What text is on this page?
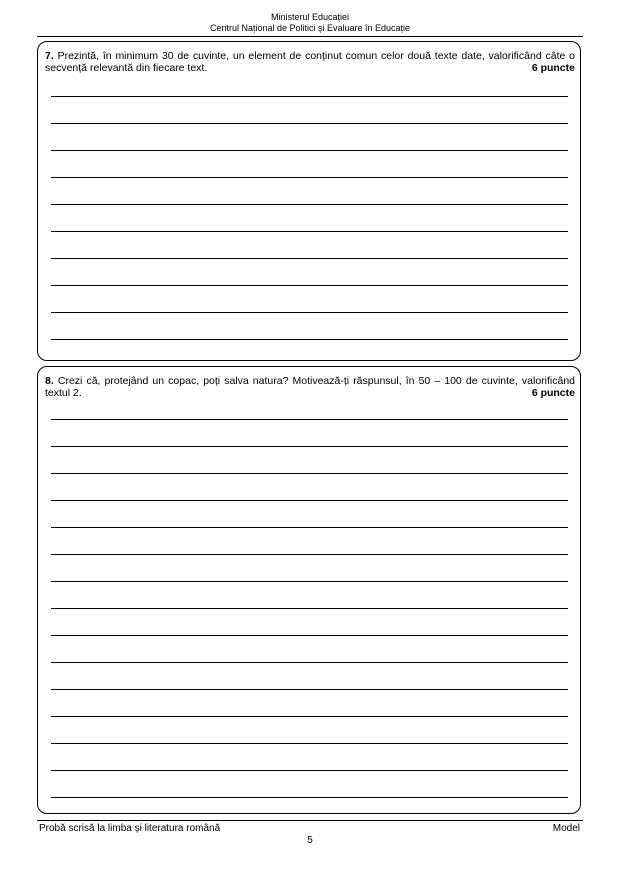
Ministerul Educației
Centrul Național de Politici și Evaluare în Educație
7. Prezintă, în minimum 30 de cuvinte, un element de conținut comun celor două texte date, valorificând câte o secvență relevantă din fiecare text.	6 puncte
8. Crezi că, protejând un copac, poți salva natura? Motivează-ți răspunsul, în 50 – 100 de cuvinte, valorificând textul 2.	6 puncte
Probă scrisă la limba și literatura română	Model
5
